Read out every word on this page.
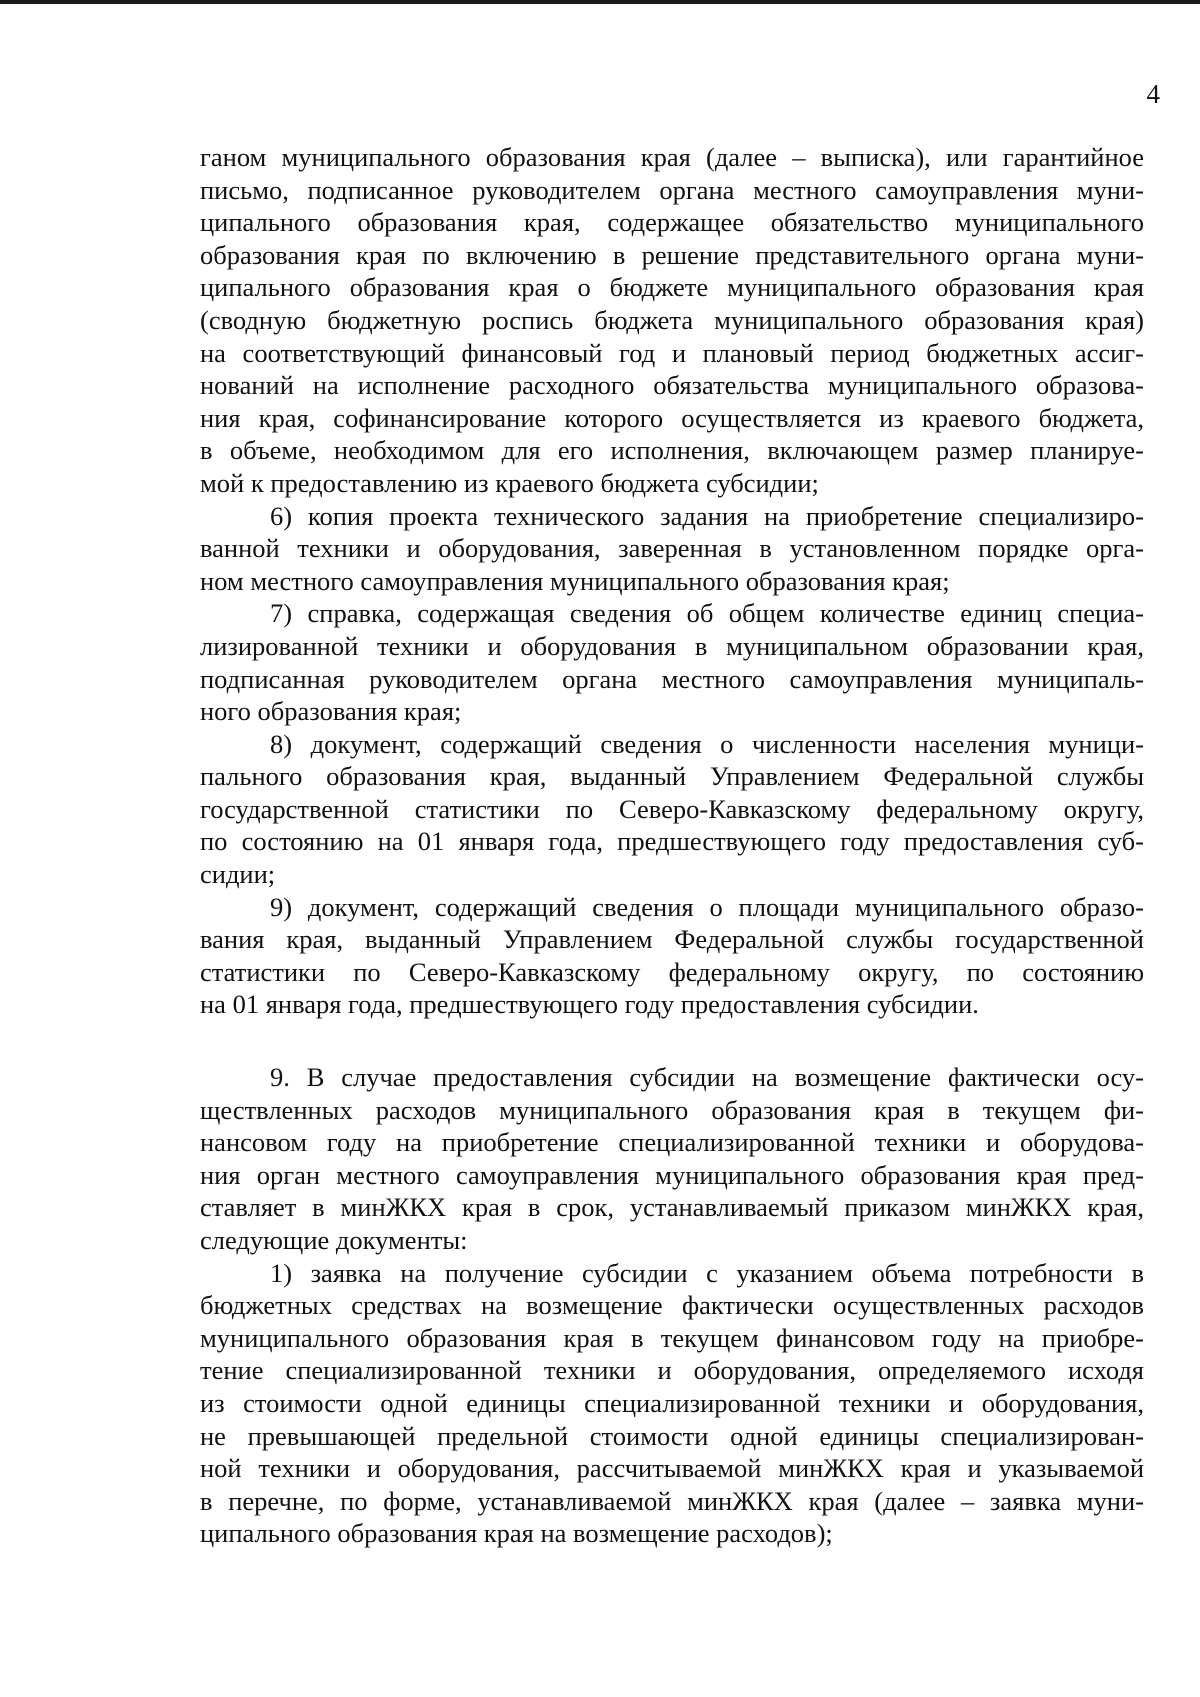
4
ганом муниципального образования края (далее – выписка), или гарантийное
письмо, подписанное руководителем органа местного самоуправления муни-
ципального образования края, содержащее обязательство муниципального
образования края по включению в решение представительного органа муни-
ципального образования края о бюджете муниципального образования края
(сводную бюджетную роспись бюджета муниципального образования края)
на соответствующий финансовый год и плановый период бюджетных ассиг-
нований на исполнение расходного обязательства муниципального образова-
ния края, софинансирование которого осуществляется из краевого бюджета,
в объеме, необходимом для его исполнения, включающем размер планируе-
мой к предоставлению из краевого бюджета субсидии;
6) копия проекта технического задания на приобретение специализиро-
ванной техники и оборудования, заверенная в установленном порядке орга-
ном местного самоуправления муниципального образования края;
7) справка, содержащая сведения об общем количестве единиц специа-
лизированной техники и оборудования в муниципальном образовании края,
подписанная руководителем органа местного самоуправления муниципаль-
ного образования края;
8) документ, содержащий сведения о численности населения муници-
пального образования края, выданный Управлением Федеральной службы
государственной статистики по Северо-Кавказскому федеральному округу,
по состоянию на 01 января года, предшествующего году предоставления суб-
сидии;
9) документ, содержащий сведения о площади муниципального образо-
вания края, выданный Управлением Федеральной службы государственной
статистики по Северо-Кавказскому федеральному округу, по состоянию
на 01 января года, предшествующего году предоставления субсидии.
9. В случае предоставления субсидии на возмещение фактически осу-
ществленных расходов муниципального образования края в текущем фи-
нансовом году на приобретение специализированной техники и оборудова-
ния орган местного самоуправления муниципального образования края пред-
ставляет в минЖКХ края в срок, устанавливаемый приказом минЖКХ края,
следующие документы:
1) заявка на получение субсидии с указанием объема потребности в
бюджетных средствах на возмещение фактически осуществленных расходов
муниципального образования края в текущем финансовом году на приобре-
тение специализированной техники и оборудования, определяемого исходя
из стоимости одной единицы специализированной техники и оборудования,
не превышающей предельной стоимости одной единицы специализирован-
ной техники и оборудования, рассчитываемой минЖКХ края и указываемой
в перечне, по форме, устанавливаемой минЖКХ края (далее – заявка муни-
ципального образования края на возмещение расходов);
